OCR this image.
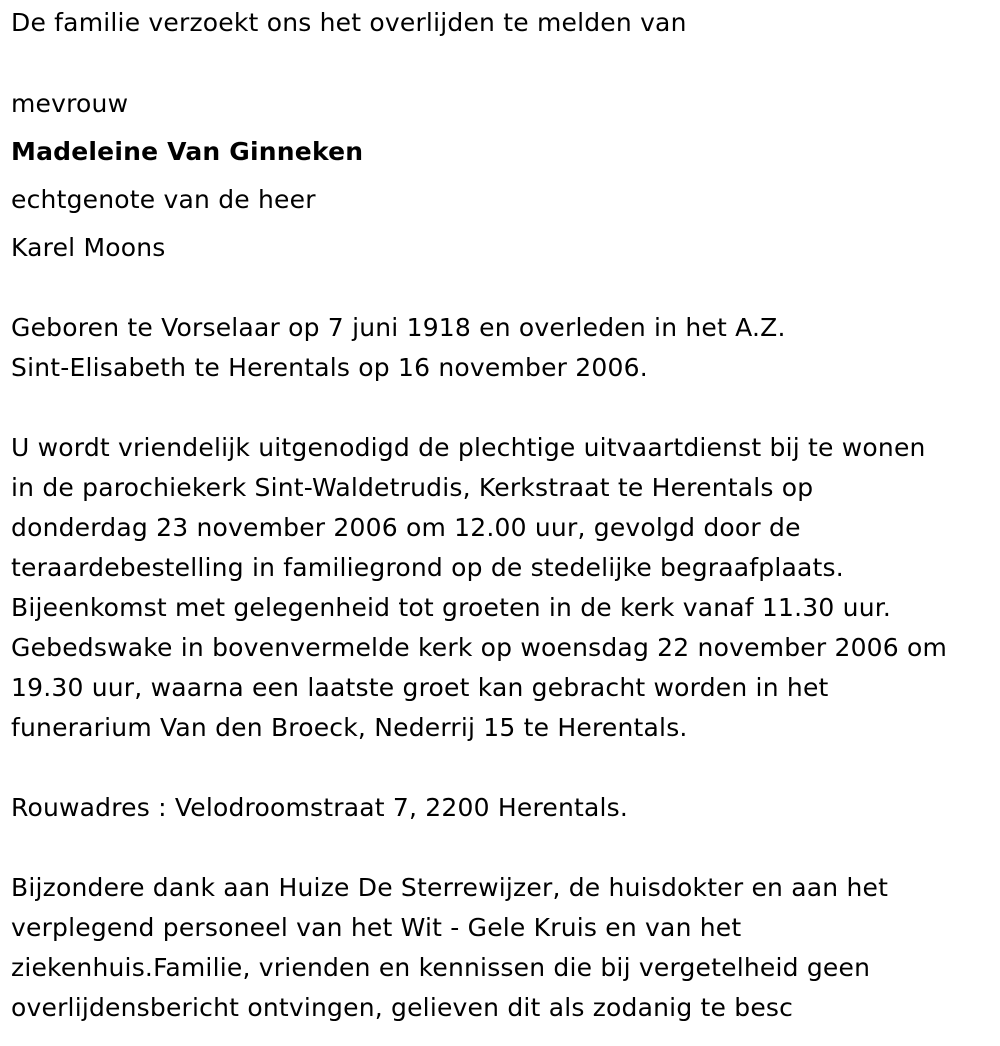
De familie verzoekt ons het overlijden te melden van
mevrouw
Madeleine Van Ginneken
echtgenote van de heer
Karel Moons
Geboren te Vorselaar op 7 juni 1918 en overleden in het A.Z.
Sint-Elisabeth te Herentals op 16 november 2006.
U wordt vriendelijk uitgenodigd de plechtige uitvaartdienst bij te wonen
in de parochiekerk Sint-Waldetrudis, Kerkstraat te Herentals op
donderdag 23 november 2006 om 12.00 uur, gevolgd door de
teraardebestelling in familiegrond op de stedelijke begraafplaats.
Bijeenkomst met gelegenheid tot groeten in de kerk vanaf 11.30 uur.
Gebedswake in bovenvermelde kerk op woensdag 22 november 2006 om
19.30 uur, waarna een laatste groet kan gebracht worden in het
funerarium Van den Broeck, Nederrij 15 te Herentals.
Rouwadres : Velodroomstraat 7, 2200 Herentals.
Bijzondere dank aan Huize De Sterrewijzer, de huisdokter en aan het
verplegend personeel van het Wit - Gele Kruis en van het
ziekenhuis.Familie, vrienden en kennissen die bij vergetelheid geen
overlijdensbericht ontvingen, gelieven dit als zodanig te besc
